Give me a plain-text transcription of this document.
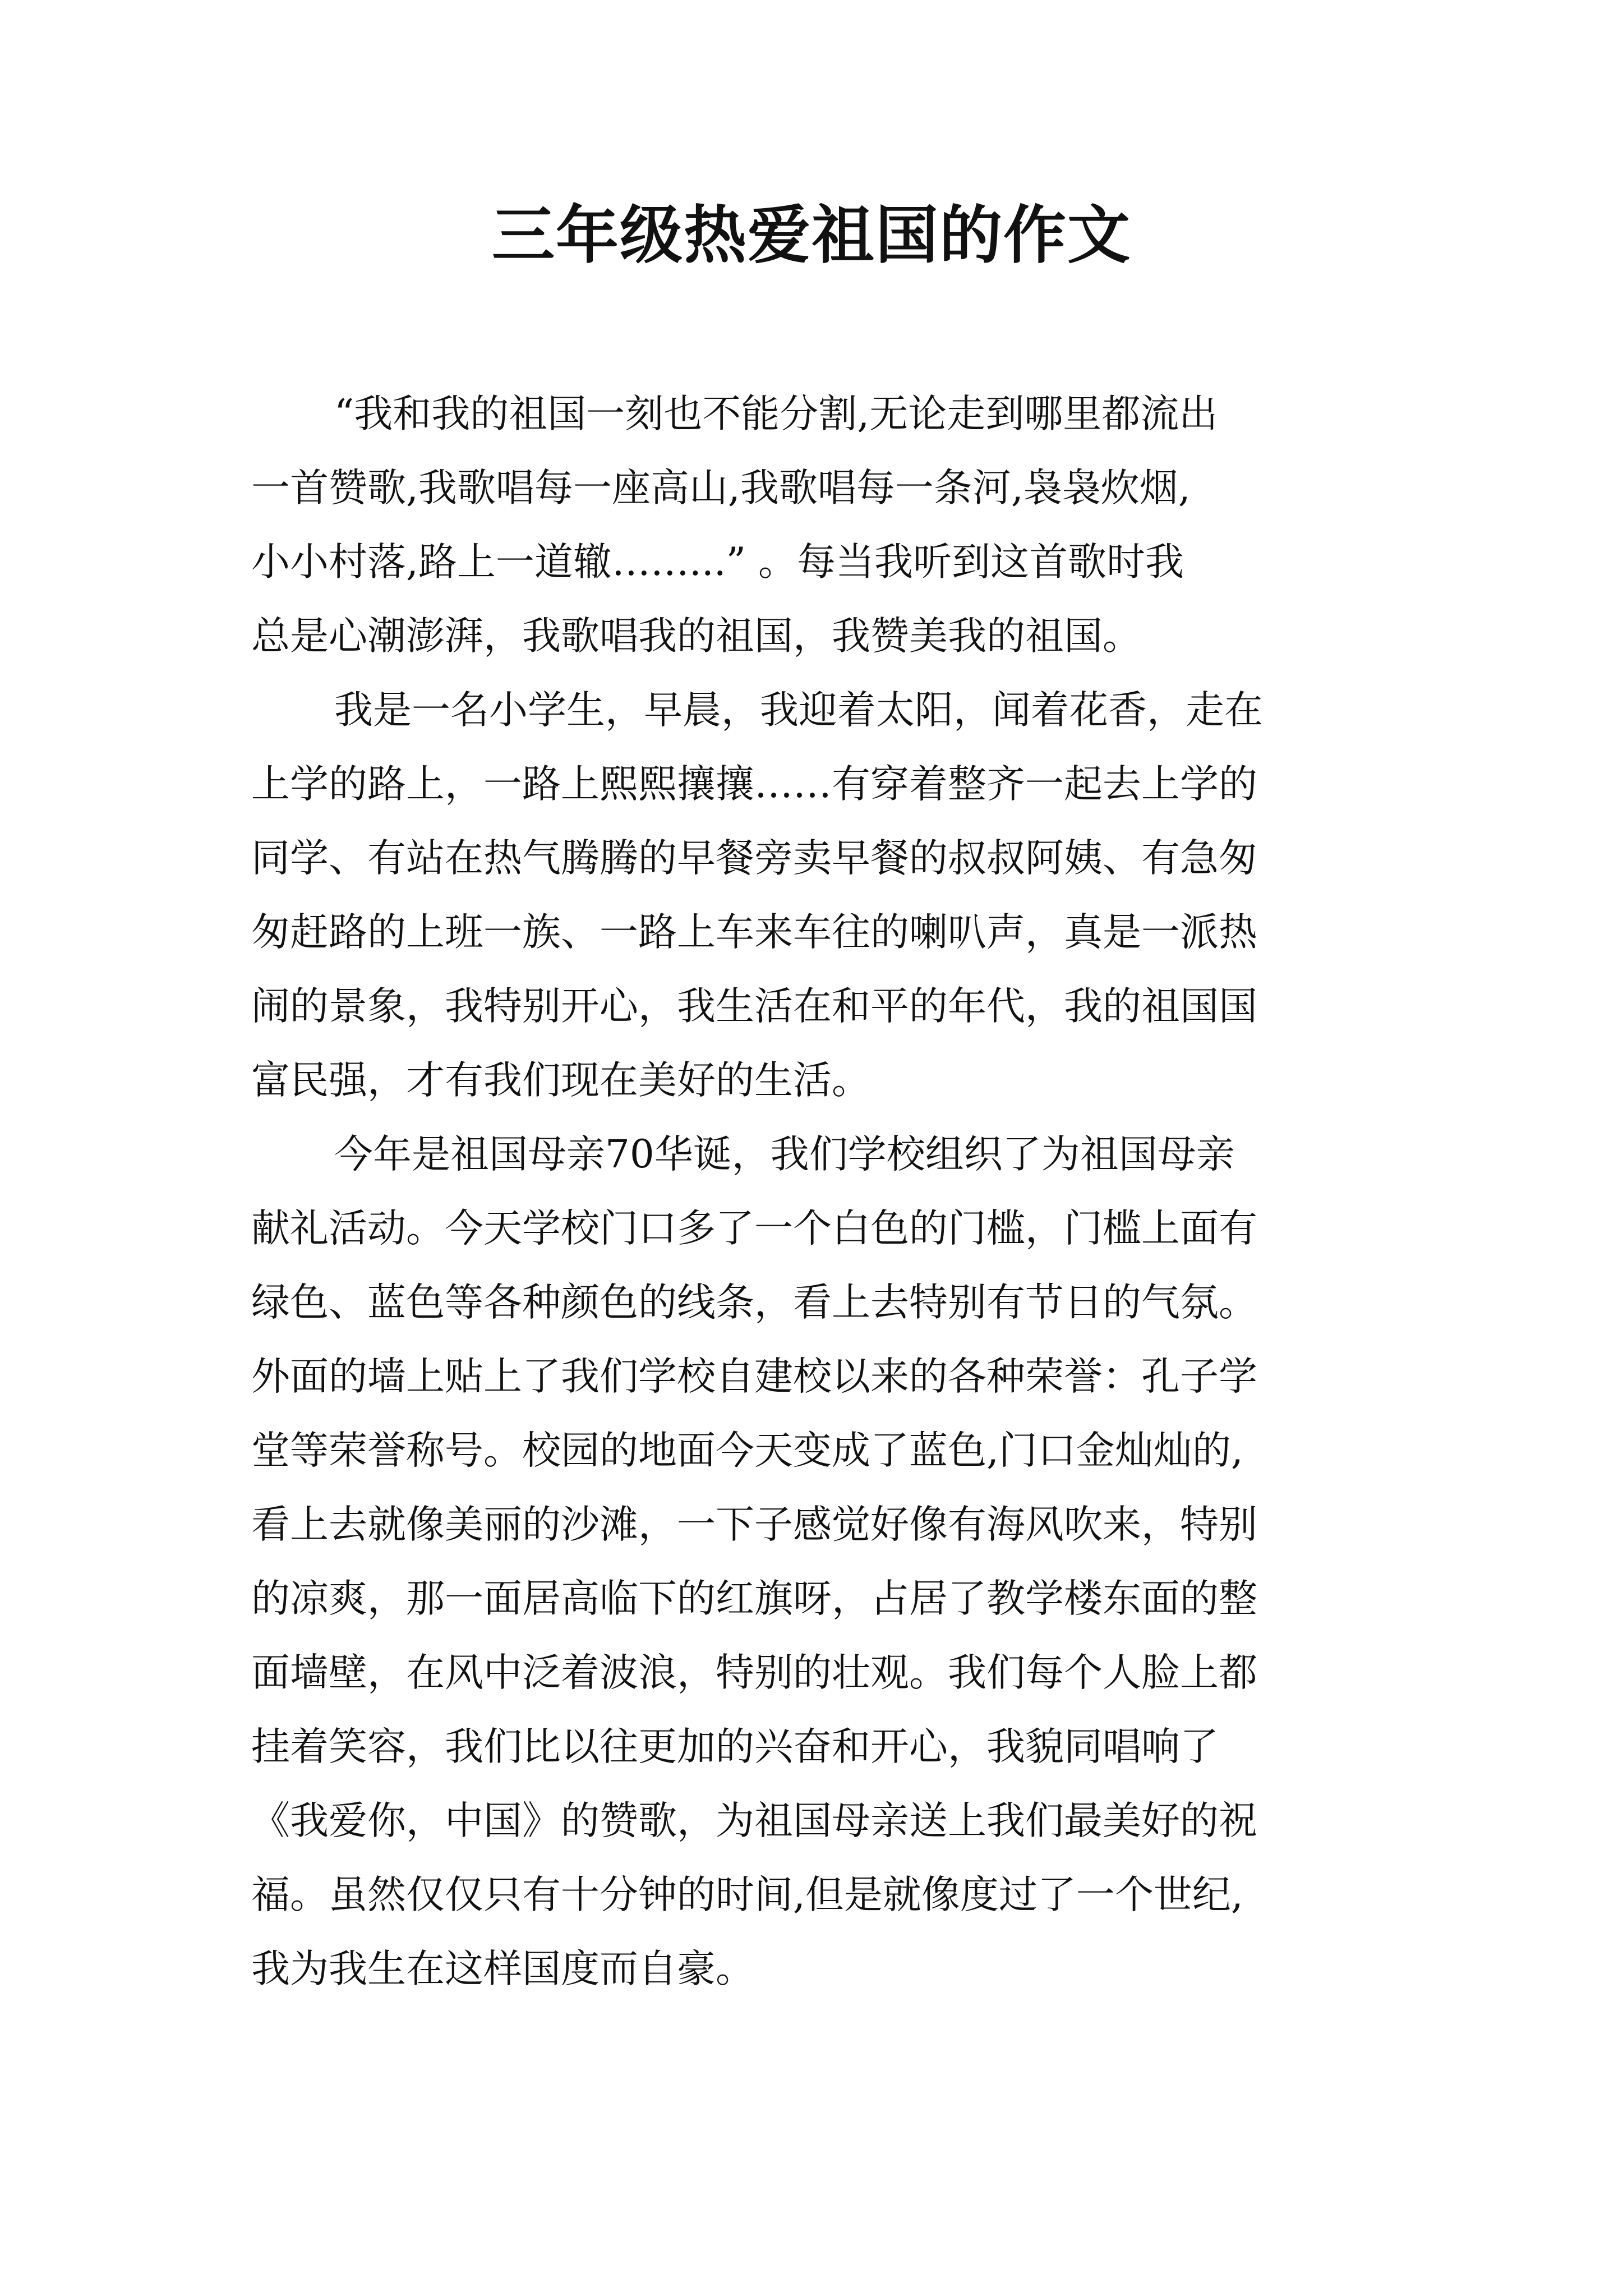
三年级热爱祖国的作文
“我和我的祖国一刻也不能分割,无论走到哪里都流出
一首赞歌,我歌唱每一座高山,我歌唱每一条河,袅袅炊烟,
小小村落,路上一道辙……...” 。每当我听到这首歌时我
总是心潮澎湃，我歌唱我的祖国，我赞美我的祖国。
我是一名小学生，早晨，我迎着太阳，闻着花香，走在
上学的路上，一路上熙熙攘攘……有穿着整齐一起去上学的
同学、有站在热气腾腾的早餐旁卖早餐的叔叔阿姨、有急匆
匆赶路的上班一族、一路上车来车往的喇叭声，真是一派热
闹的景象，我特别开心，我生活在和平的年代，我的祖国国
富民强，才有我们现在美好的生活。
今年是祖国母亲70华诞，我们学校组织了为祖国母亲
献礼活动。今天学校门口多了一个白色的门槛，门槛上面有
绿色、蓝色等各种颜色的线条，看上去特别有节日的气氛。
外面的墙上贴上了我们学校自建校以来的各种荣誉：孔子学
堂等荣誉称号。校园的地面今天变成了蓝色,门口金灿灿的,
看上去就像美丽的沙滩，一下子感觉好像有海风吹来，特别
的凉爽，那一面居高临下的红旗呀，占居了教学楼东面的整
面墙壁，在风中泛着波浪，特别的壮观。我们每个人脸上都
挂着笑容，我们比以往更加的兴奋和开心，我貌同唱响了
《我爱你，中国》的赞歌，为祖国母亲送上我们最美好的祝
福。虽然仅仅只有十分钟的时间,但是就像度过了一个世纪,
我为我生在这样国度而自豪。
